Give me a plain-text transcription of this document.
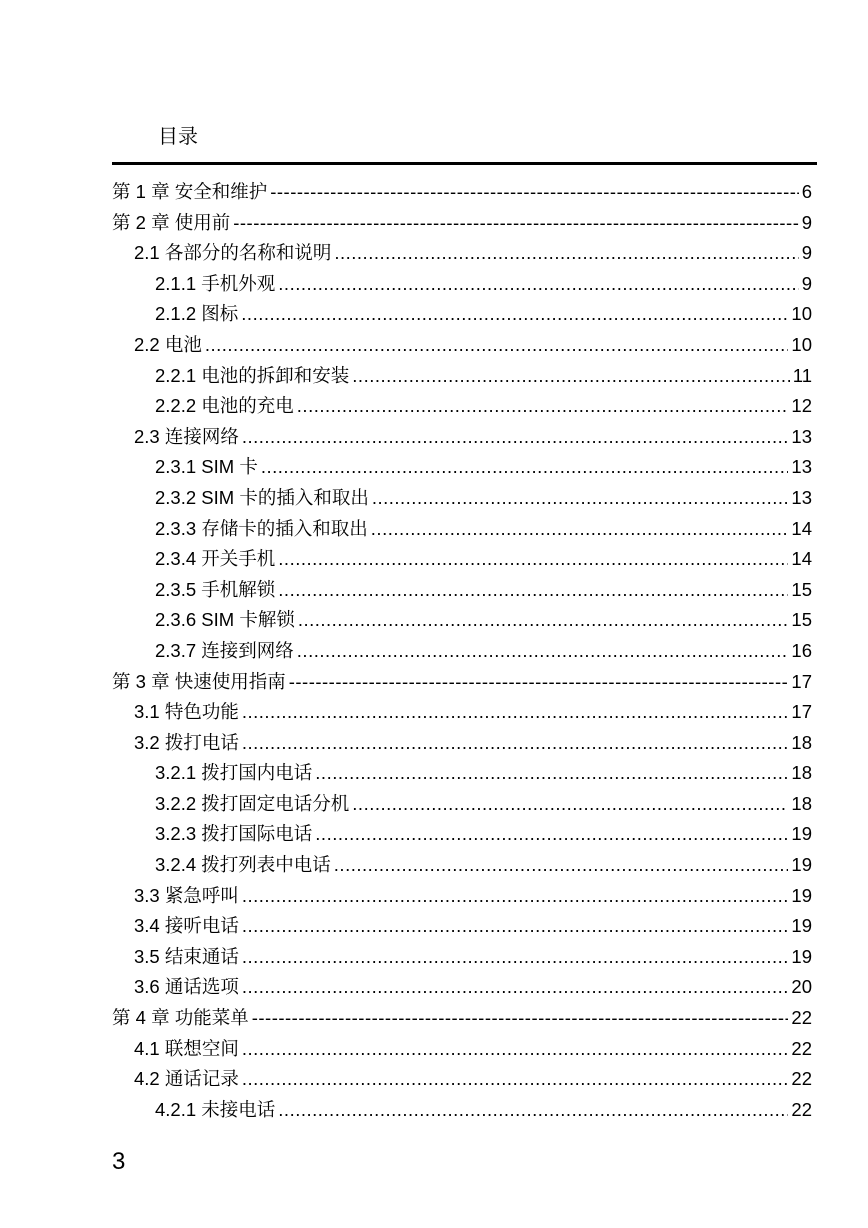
目录
第 1 章 安全和维护 -----	6
第 2 章 使用前 -----	9
2.1 各部分的名称和说明 .....	9
2.1.1 手机外观 .....	9
2.1.2 图标 .....	10
2.2 电池 .....	10
2.2.1 电池的拆卸和安装 .....	11
2.2.2 电池的充电 .....	12
2.3 连接网络 .....	13
2.3.1 SIM 卡 .....	13
2.3.2 SIM 卡的插入和取出 .....	13
2.3.3 存储卡的插入和取出 .....	14
2.3.4 开关手机 .....	14
2.3.5 手机解锁 .....	15
2.3.6 SIM 卡解锁 .....	15
2.3.7 连接到网络 .....	16
第 3 章 快速使用指南 -----	17
3.1 特色功能 .....	17
3.2 拨打电话 .....	18
3.2.1 拨打国内电话 .....	18
3.2.2 拨打固定电话分机 .....	18
3.2.3 拨打国际电话 .....	19
3.2.4 拨打列表中电话 .....	19
3.3 紧急呼叫 .....	19
3.4 接听电话 .....	19
3.5 结束通话 .....	19
3.6 通话选项 .....	20
第 4 章 功能菜单 -----	22
4.1 联想空间 .....	22
4.2 通话记录 .....	22
4.2.1 未接电话 .....	22
3
